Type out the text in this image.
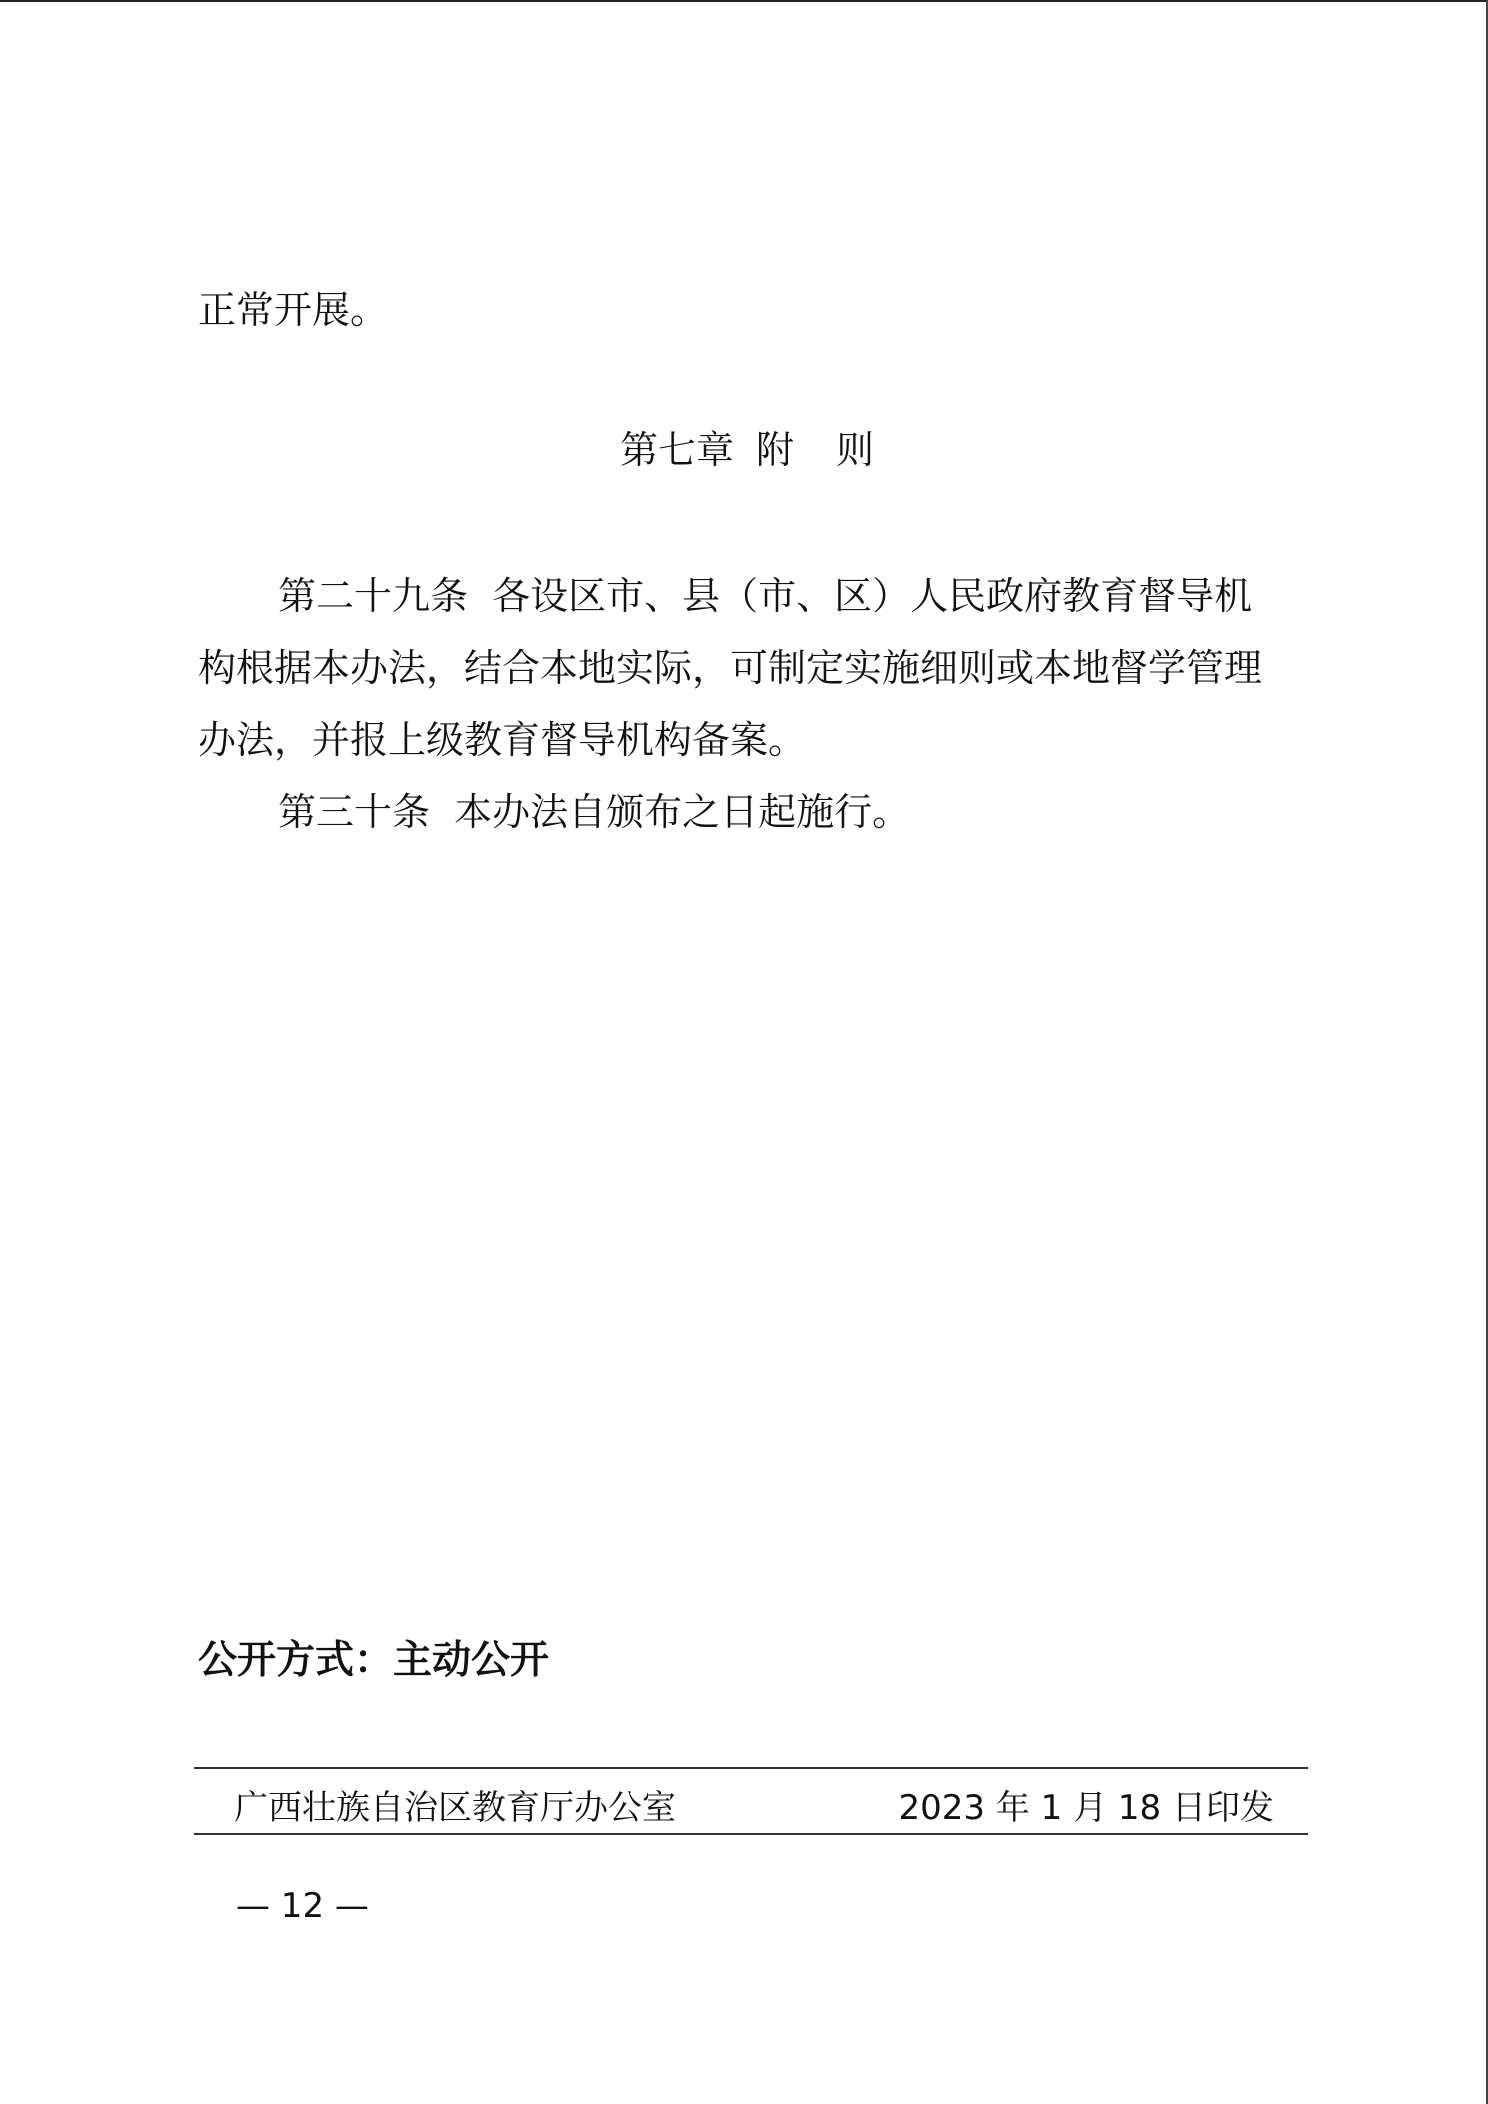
正常开展。
第七章 附 则
第二十九条  各设区市、县（市、区）人民政府教育督导机
构根据本办法，结合本地实际，可制定实施细则或本地督学管理
办法，并报上级教育督导机构备案。
第三十条  本办法自颁布之日起施行。
公开方式：主动公开
广西壮族自治区教育厅办公室	2023 年 1 月 18 日印发
— 12 —
